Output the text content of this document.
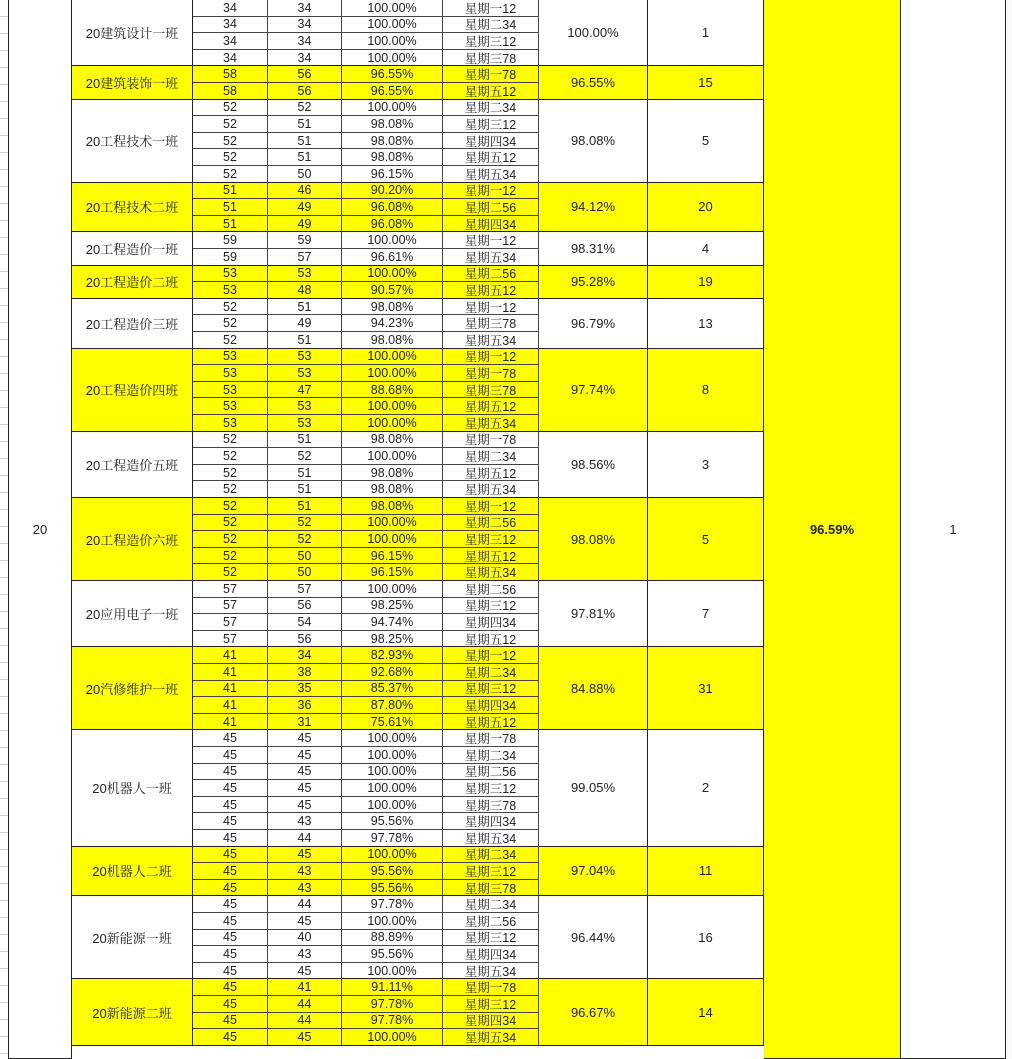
20	96.59%	1
20建筑设计一班	100.00%	1
34	34	100.00%	星期一12
34	34	100.00%	星期二34
34	34	100.00%	星期三12
34	34	100.00%	星期三78
20建筑装饰一班	96.55%	15
58	56	96.55%	星期一78
58	56	96.55%	星期五12
20工程技术一班	98.08%	5
52	52	100.00%	星期二34
52	51	98.08%	星期三12
52	51	98.08%	星期四34
52	51	98.08%	星期五12
52	50	96.15%	星期五34
20工程技术二班	94.12%	20
51	46	90.20%	星期一12
51	49	96.08%	星期二56
51	49	96.08%	星期四34
20工程造价一班	98.31%	4
59	59	100.00%	星期一12
59	57	96.61%	星期五34
20工程造价二班	95.28%	19
53	53	100.00%	星期二56
53	48	90.57%	星期五12
20工程造价三班	96.79%	13
52	51	98.08%	星期一12
52	49	94.23%	星期三78
52	51	98.08%	星期五34
20工程造价四班	97.74%	8
53	53	100.00%	星期一12
53	53	100.00%	星期一78
53	47	88.68%	星期三78
53	53	100.00%	星期五12
53	53	100.00%	星期五34
20工程造价五班	98.56%	3
52	51	98.08%	星期一78
52	52	100.00%	星期二34
52	51	98.08%	星期五12
52	51	98.08%	星期五34
20工程造价六班	98.08%	5
52	51	98.08%	星期一12
52	52	100.00%	星期二56
52	52	100.00%	星期三12
52	50	96.15%	星期五12
52	50	96.15%	星期五34
20应用电子一班	97.81%	7
57	57	100.00%	星期二56
57	56	98.25%	星期三12
57	54	94.74%	星期四34
57	56	98.25%	星期五12
20汽修维护一班	84.88%	31
41	34	82.93%	星期一12
41	38	92.68%	星期二34
41	35	85.37%	星期三12
41	36	87.80%	星期四34
41	31	75.61%	星期五12
20机器人一班	99.05%	2
45	45	100.00%	星期一78
45	45	100.00%	星期二34
45	45	100.00%	星期二56
45	45	100.00%	星期三12
45	45	100.00%	星期三78
45	43	95.56%	星期四34
45	44	97.78%	星期五34
20机器人二班	97.04%	11
45	45	100.00%	星期二34
45	43	95.56%	星期三12
45	43	95.56%	星期三78
20新能源一班	96.44%	16
45	44	97.78%	星期二34
45	45	100.00%	星期二56
45	40	88.89%	星期三12
45	43	95.56%	星期四34
45	45	100.00%	星期五34
20新能源二班	96.67%	14
45	41	91.11%	星期一78
45	44	97.78%	星期三12
45	44	97.78%	星期四34
45	45	100.00%	星期五34
